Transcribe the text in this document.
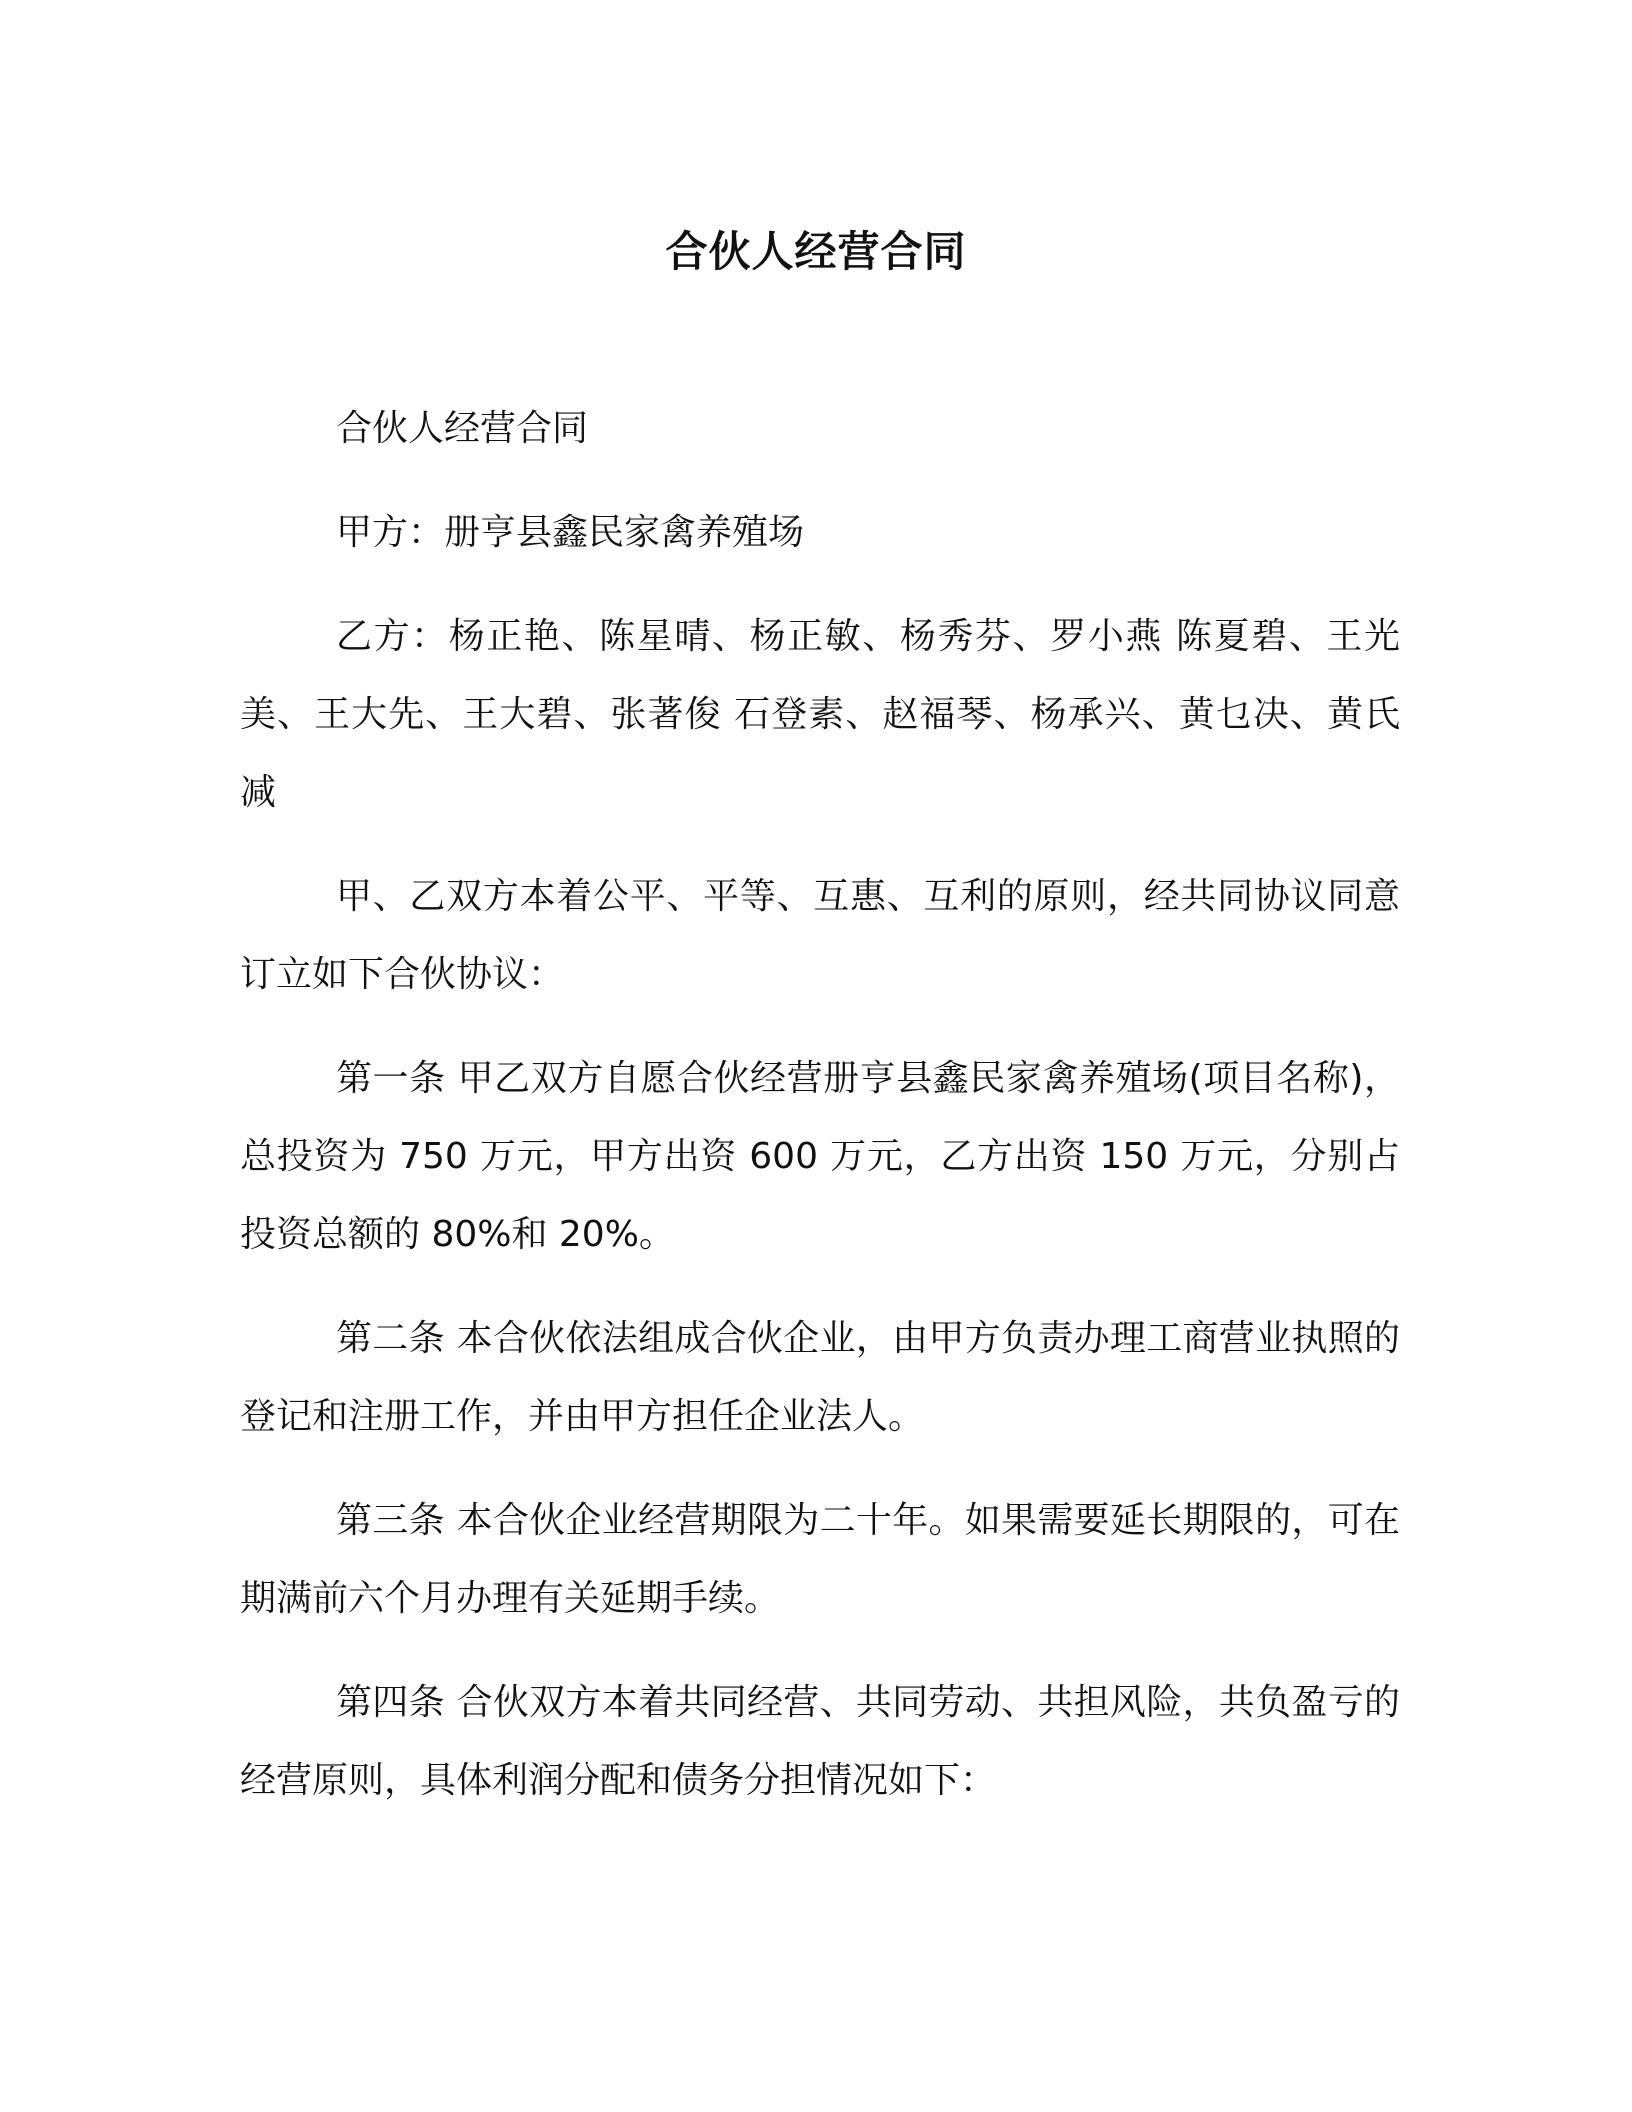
合伙人经营合同

合伙人经营合同

甲方：册亨县鑫民家禽养殖场

乙方：杨正艳、陈星晴、杨正敏、杨秀芬、罗小燕 陈夏碧、王光美、王大先、王大碧、张著俊 石登素、赵福琴、杨承兴、黄乜决、黄氏减

甲、乙双方本着公平、平等、互惠、互利的原则，经共同协议同意订立如下合伙协议：

第一条 甲乙双方自愿合伙经营册亨县鑫民家禽养殖场(项目名称)，总投资为 750 万元，甲方出资 600 万元，乙方出资 150 万元，分别占投资总额的 80%和 20%。

第二条 本合伙依法组成合伙企业，由甲方负责办理工商营业执照的登记和注册工作，并由甲方担任企业法人。

第三条 本合伙企业经营期限为二十年。如果需要延长期限的，可在期满前六个月办理有关延期手续。

第四条 合伙双方本着共同经营、共同劳动、共担风险，共负盈亏的经营原则，具体利润分配和债务分担情况如下：
